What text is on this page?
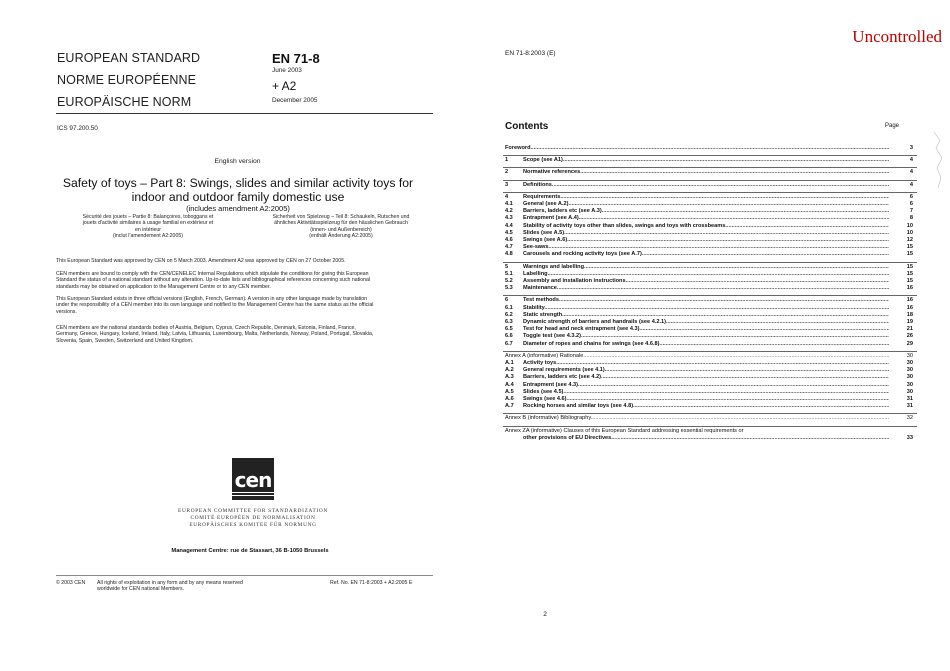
EUROPEAN STANDARD
NORME EUROPÉENNE
EUROPÄISCHE NORM
EN 71-8
June 2003
+ A2
December 2005
ICS 97.200.50
English version
Safety of toys – Part 8: Swings, slides and similar activity toys for
indoor and outdoor family domestic use
(includes amendment A2:2005)
Sécurité des jouets – Partie 8: Balançoires, toboggans et
jouets d'activité similaires à usage familial en extérieur et
en intérieur
(inclut l'amendement A2:2005)
Sicherheit von Spielzeug – Teil 8: Schaukeln, Rutschen und
ähnliches Aktivitätsspielzeug für den häuslichen Gebrauch
(innen- und Außenbereich)
(enthält Änderung A2:2005)
This European Standard was approved by CEN on 5 March 2003. Amendment A2 was approved by CEN on 27 October 2005.
CEN members are bound to comply with the CEN/CENELEC Internal Regulations which stipulate the conditions for giving this European
Standard the status of a national standard without any alteration. Up-to-date lists and bibliographical references concerning such national
standards may be obtained on application to the Management Centre or to any CEN member.
This European Standard exists in three official versions (English, French, German). A version in any other language made by translation
under the responsibility of a CEN member into its own language and notified to the Management Centre has the same status as the official
versions.
CEN members are the national standards bodies of Austria, Belgium, Cyprus, Czech Republic, Denmark, Estonia, Finland, France,
Germany, Greece, Hungary, Iceland, Ireland, Italy, Latvia, Lithuania, Luxembourg, Malta, Netherlands, Norway, Poland, Portugal, Slovakia,
Slovenia, Spain, Sweden, Switzerland and United Kingdom.
cen
EUROPEAN COMMITTEE FOR STANDARDIZATION
COMITÉ EUROPÉEN DE NORMALISATION
EUROPÄISCHES KOMITEE FÜR NORMUNG
Management Centre: rue de Stassart, 36 B-1050 Brussels
© 2003 CEN All rights of exploitation in any form and by any means reserved
worldwide for CEN national Members.
Ref. No. EN 71-8:2003 + A2:2005 E
Uncontrolled
EN 71-8:2003 (E)
Contents	Page
Foreword .....	3
1	Scope (see A1) .....	4
2	Normative references .....	4
3	Definitions .....	4
4	Requirements .....	6
4.1 General (see A.2) .....	6
4.2 Barriers, ladders etc (see A.3) .....	7
4.3 Entrapment (see A.4) .....	8
4.4 Stability of activity toys other than slides, swings and toys with crossbeams .....	10
4.5 Slides (see A.5) .....	10
4.6 Swings (see A.6) .....	12
4.7 See-saws .....	15
4.8 Carousels and rocking activity toys (see A.7) .....	15
5	Warnings and labelling .....	15
5.1 Labelling .....	15
5.2 Assembly and installation instructions .....	15
5.3 Maintenance .....	16
6	Test methods .....	16
6.1 Stability .....	16
6.2 Static strength .....	18
6.3 Dynamic strength of barriers and handrails (see 4.2.1) .....	19
6.5 Test for head and neck entrapment (see 4.3) .....	21
6.6 Toggle test (see 4.3.2) .....	26
6.7 Diameter of ropes and chains for swings (see 4.6.8) .....	29
Annex A (informative) Rationale .....	30
A.1 Activity toys .....	30
A.2 General requirements (see 4.1) .....	30
A.3 Barriers, ladders etc (see 4.2) .....	30
A.4 Entrapment (see 4.3) .....	30
A.5 Slides (see 4.5) .....	30
A.6 Swings (see 4.6) .....	31
A.7 Rocking horses and similar toys (see 4.8) .....	31
Annex B (informative) Bibliography .....	32
Annex ZA (informative) Clauses of this European Standard addressing essential requirements or
other provisions of EU Directives. .....	33
2
